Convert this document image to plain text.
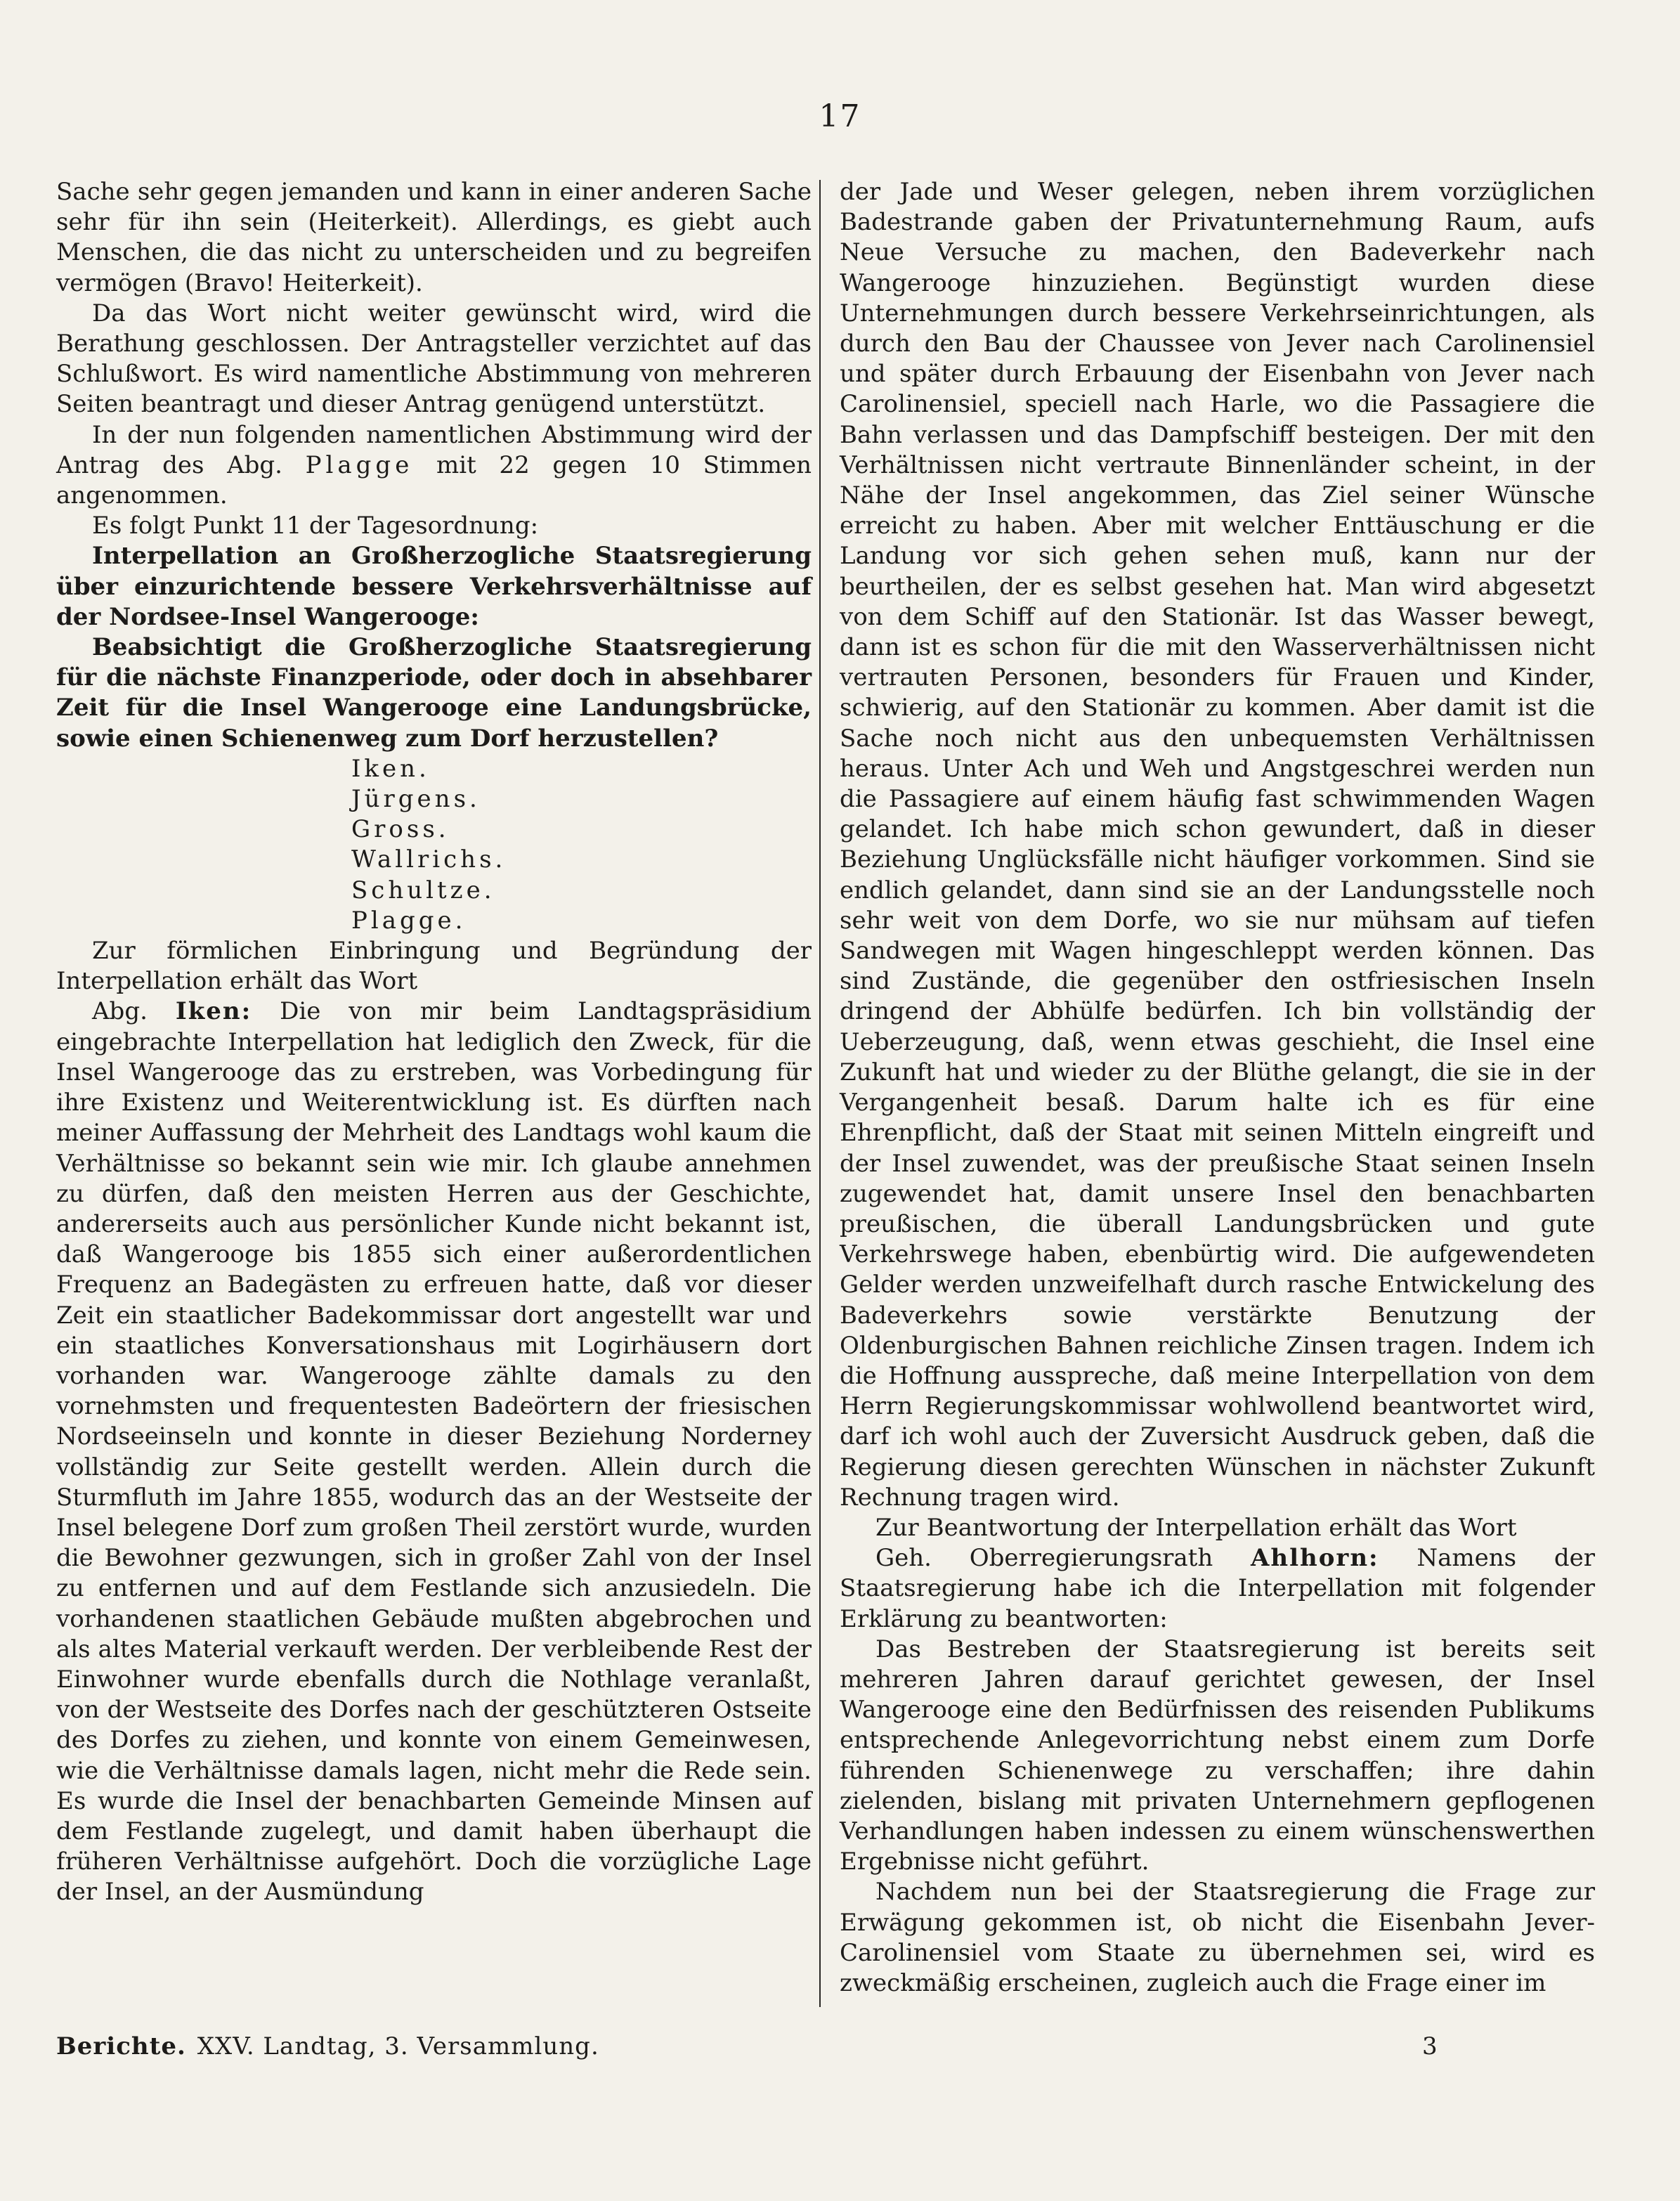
17

Sache sehr gegen jemanden und kann in einer anderen Sache sehr für ihn sein (Heiterkeit). Allerdings, es giebt auch Menschen, die das nicht zu unterscheiden und zu begreifen vermögen (Bravo! Heiterkeit).

Da das Wort nicht weiter gewünscht wird, wird die Berathung geschlossen. Der Antragsteller verzichtet auf das Schlußwort. Es wird namentliche Abstimmung von mehreren Seiten beantragt und dieser Antrag genügend unterstützt.

In der nun folgenden namentlichen Abstimmung wird der Antrag des Abg. Plagge mit 22 gegen 10 Stimmen angenommen.

Es folgt Punkt 11 der Tagesordnung:

Interpellation an Großherzogliche Staatsregierung über einzurichtende bessere Verkehrsverhältnisse auf der Nordsee-Insel Wangerooge:

Beabsichtigt die Großherzogliche Staatsregierung für die nächste Finanzperiode, oder doch in absehbarer Zeit für die Insel Wangerooge eine Landungsbrücke, sowie einen Schienenweg zum Dorf herzustellen?

Iken.
Jürgens.
Gross.
Wallrichs.
Schultze.
Plagge.

Zur förmlichen Einbringung und Begründung der Interpellation erhält das Wort

Abg. Iken: Die von mir beim Landtagspräsidium eingebrachte Interpellation hat lediglich den Zweck, für die Insel Wangerooge das zu erstreben, was Vorbedingung für ihre Existenz und Weiterentwicklung ist. Es dürften nach meiner Auffassung der Mehrheit des Landtags wohl kaum die Verhältnisse so bekannt sein wie mir. Ich glaube annehmen zu dürfen, daß den meisten Herren aus der Geschichte, andererseits auch aus persönlicher Kunde nicht bekannt ist, daß Wangerooge bis 1855 sich einer außerordentlichen Frequenz an Badegästen zu erfreuen hatte, daß vor dieser Zeit ein staatlicher Badekommissar dort angestellt war und ein staatliches Konversationshaus mit Logirhäusern dort vorhanden war. Wangerooge zählte damals zu den vornehmsten und frequentesten Badeörtern der friesischen Nordseeinseln und konnte in dieser Beziehung Norderney vollständig zur Seite gestellt werden. Allein durch die Sturmfluth im Jahre 1855, wodurch das an der Westseite der Insel belegene Dorf zum großen Theil zerstört wurde, wurden die Bewohner gezwungen, sich in großer Zahl von der Insel zu entfernen und auf dem Festlande sich anzusiedeln. Die vorhandenen staatlichen Gebäude mußten abgebrochen und als altes Material verkauft werden. Der verbleibende Rest der Einwohner wurde ebenfalls durch die Nothlage veranlaßt, von der Westseite des Dorfes nach der geschützteren Ostseite des Dorfes zu ziehen, und konnte von einem Gemeinwesen, wie die Verhältnisse damals lagen, nicht mehr die Rede sein. Es wurde die Insel der benachbarten Gemeinde Minsen auf dem Festlande zugelegt, und damit haben überhaupt die früheren Verhältnisse aufgehört. Doch die vorzügliche Lage der Insel, an der Ausmündung

der Jade und Weser gelegen, neben ihrem vorzüglichen Badestrande gaben der Privatunternehmung Raum, aufs Neue Versuche zu machen, den Badeverkehr nach Wangerooge hinzuziehen. Begünstigt wurden diese Unternehmungen durch bessere Verkehrseinrichtungen, als durch den Bau der Chaussee von Jever nach Carolinensiel und später durch Erbauung der Eisenbahn von Jever nach Carolinensiel, speciell nach Harle, wo die Passagiere die Bahn verlassen und das Dampfschiff besteigen. Der mit den Verhältnissen nicht vertraute Binnenländer scheint, in der Nähe der Insel angekommen, das Ziel seiner Wünsche erreicht zu haben. Aber mit welcher Enttäuschung er die Landung vor sich gehen sehen muß, kann nur der beurtheilen, der es selbst gesehen hat. Man wird abgesetzt von dem Schiff auf den Stationär. Ist das Wasser bewegt, dann ist es schon für die mit den Wasserverhältnissen nicht vertrauten Personen, besonders für Frauen und Kinder, schwierig, auf den Stationär zu kommen. Aber damit ist die Sache noch nicht aus den unbequemsten Verhältnissen heraus. Unter Ach und Weh und Angstgeschrei werden nun die Passagiere auf einem häufig fast schwimmenden Wagen gelandet. Ich habe mich schon gewundert, daß in dieser Beziehung Unglücksfälle nicht häufiger vorkommen. Sind sie endlich gelandet, dann sind sie an der Landungsstelle noch sehr weit von dem Dorfe, wo sie nur mühsam auf tiefen Sandwegen mit Wagen hingeschleppt werden können. Das sind Zustände, die gegenüber den ostfriesischen Inseln dringend der Abhülfe bedürfen. Ich bin vollständig der Ueberzeugung, daß, wenn etwas geschieht, die Insel eine Zukunft hat und wieder zu der Blüthe gelangt, die sie in der Vergangenheit besaß. Darum halte ich es für eine Ehrenpflicht, daß der Staat mit seinen Mitteln eingreift und der Insel zuwendet, was der preußische Staat seinen Inseln zugewendet hat, damit unsere Insel den benachbarten preußischen, die überall Landungsbrücken und gute Verkehrswege haben, ebenbürtig wird. Die aufgewendeten Gelder werden unzweifelhaft durch rasche Entwickelung des Badeverkehrs sowie verstärkte Benutzung der Oldenburgischen Bahnen reichliche Zinsen tragen. Indem ich die Hoffnung ausspreche, daß meine Interpellation von dem Herrn Regierungskommissar wohlwollend beantwortet wird, darf ich wohl auch der Zuversicht Ausdruck geben, daß die Regierung diesen gerechten Wünschen in nächster Zukunft Rechnung tragen wird.

Zur Beantwortung der Interpellation erhält das Wort

Geh. Oberregierungsrath Ahlhorn: Namens der Staatsregierung habe ich die Interpellation mit folgender Erklärung zu beantworten:

Das Bestreben der Staatsregierung ist bereits seit mehreren Jahren darauf gerichtet gewesen, der Insel Wangerooge eine den Bedürfnissen des reisenden Publikums entsprechende Anlegevorrichtung nebst einem zum Dorfe führenden Schienenwege zu verschaffen; ihre dahin zielenden, bislang mit privaten Unternehmern gepflogenen Verhandlungen haben indessen zu einem wünschenswerthen Ergebnisse nicht geführt.

Nachdem nun bei der Staatsregierung die Frage zur Erwägung gekommen ist, ob nicht die Eisenbahn Jever-Carolinensiel vom Staate zu übernehmen sei, wird es zweckmäßig erscheinen, zugleich auch die Frage einer im

Berichte. XXV. Landtag, 3. Versammlung.	3
